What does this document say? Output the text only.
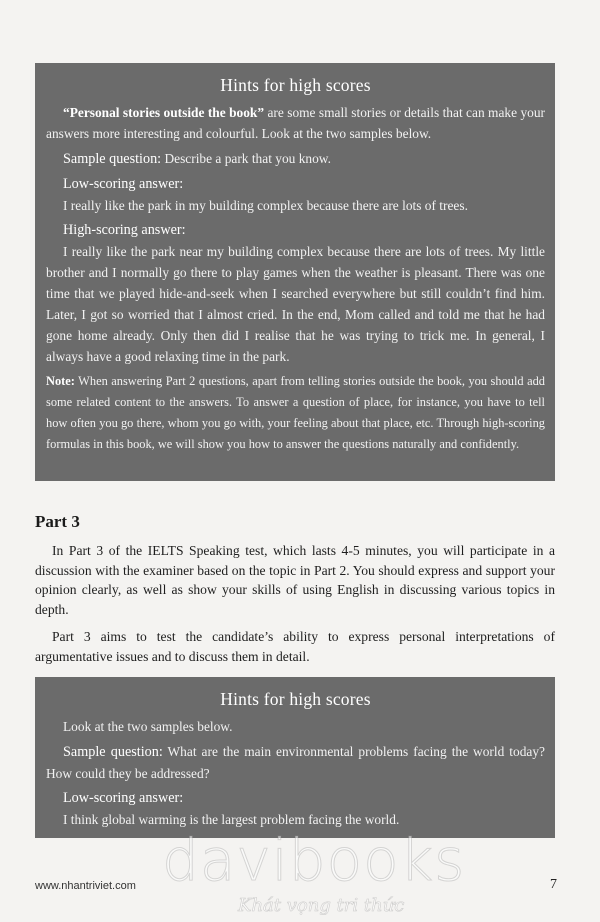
Hints for high scores

“Personal stories outside the book” are some small stories or details that can make your answers more interesting and colourful. Look at the two samples below.

Sample question: Describe a park that you know.
Low-scoring answer:

I really like the park in my building complex because there are lots of trees.

High-scoring answer:

I really like the park near my building complex because there are lots of trees. My little brother and I normally go there to play games when the weather is pleasant. There was one time that we played hide-and-seek when I searched everywhere but still couldn’t find him. Later, I got so worried that I almost cried. In the end, Mom called and told me that he had gone home already. Only then did I realise that he was trying to trick me. In general, I always have a good relaxing time in the park.

Note: When answering Part 2 questions, apart from telling stories outside the book, you should add some related content to the answers. To answer a question of place, for instance, you have to tell how often you go there, whom you go with, your feeling about that place, etc. Through high-scoring formulas in this book, we will show you how to answer the questions naturally and confidently.

Part 3

In Part 3 of the IELTS Speaking test, which lasts 4-5 minutes, you will participate in a discussion with the examiner based on the topic in Part 2. You should express and support your opinion clearly, as well as show your skills of using English in discussing various topics in depth.

Part 3 aims to test the candidate’s ability to express personal interpretations of argumentative issues and to discuss them in detail.

Hints for high scores

Look at the two samples below.

Sample question: What are the main environmental problems facing the world today? How could they be addressed?

Low-scoring answer:

I think global warming is the largest problem facing the world.

www.nhantriviet.com	7
davibooks
Khát vọng tri thức
